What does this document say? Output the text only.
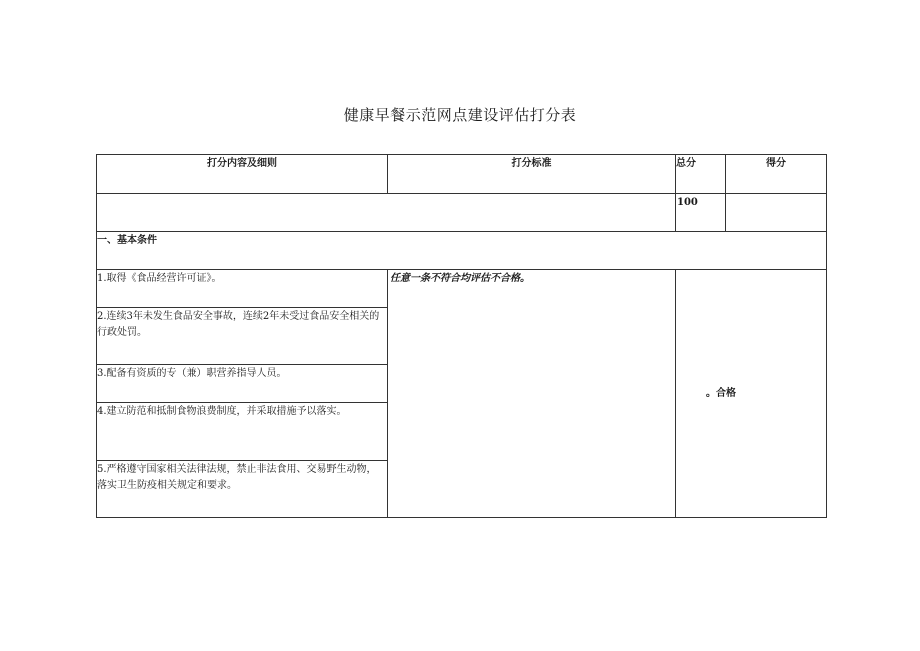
健康早餐示范网点建设评估打分表
打分内容及细则	打分标准	总分	得分
		100	
一、基本条件			
1.取得《食品经营许可证》。	任意一条不符合均评估不合格。	。合格	
2.连续3年未发生食品安全事故，连续2年未受过食品安全相关的行政处罚。			
3.配备有资质的专（兼）职营养指导人员。			
4.建立防范和抵制食物浪费制度，并采取措施予以落实。			
5.严格遵守国家相关法律法规，禁止非法食用、交易野生动物，落实卫生防疫相关规定和要求。			
